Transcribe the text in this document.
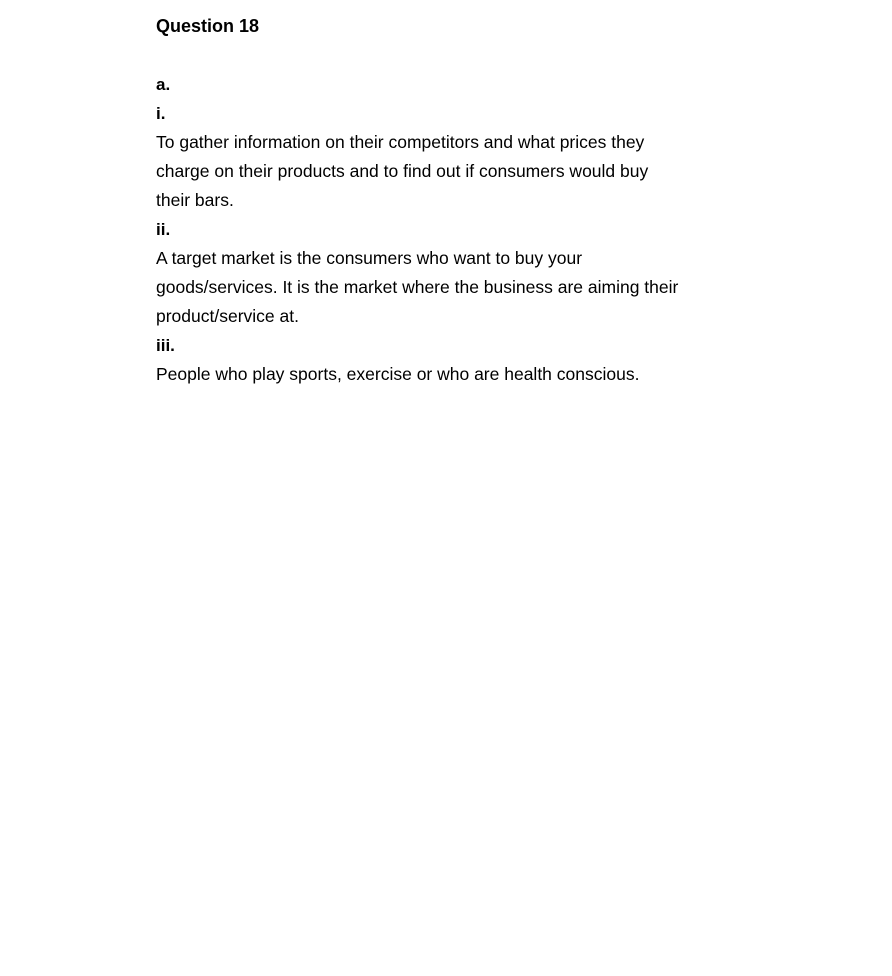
Question 18
a.
i.
To gather information on their competitors and what prices they
charge on their products and to find out if consumers would buy
their bars.
ii.
A target market is the consumers who want to buy your
goods/services. It is the market where the business are aiming their
product/service at.
iii.
People who play sports, exercise or who are health conscious.
